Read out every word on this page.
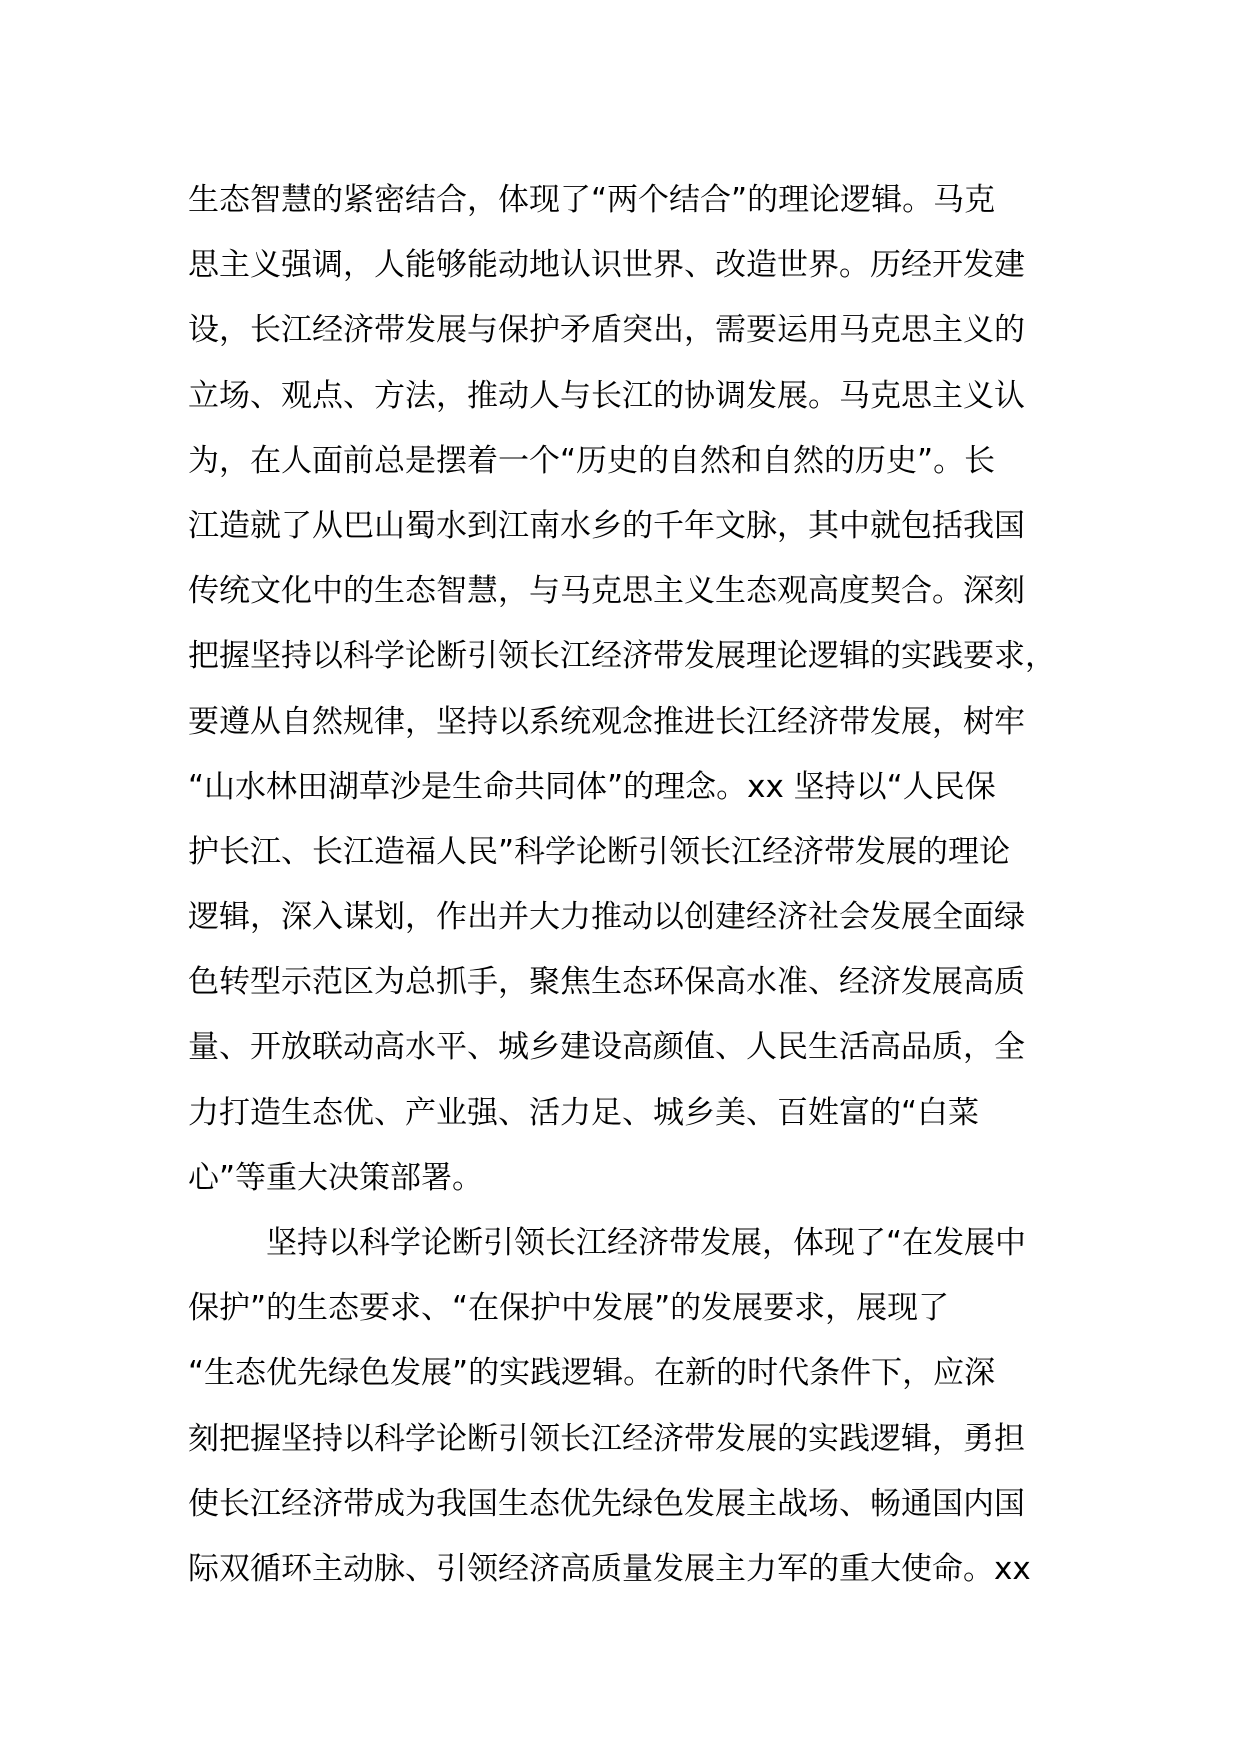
生态智慧的紧密结合，体现了“两个结合”的理论逻辑。马克
思主义强调，人能够能动地认识世界、改造世界。历经开发建
设，长江经济带发展与保护矛盾突出，需要运用马克思主义的
立场、观点、方法，推动人与长江的协调发展。马克思主义认
为，在人面前总是摆着一个“历史的自然和自然的历史”。长
江造就了从巴山蜀水到江南水乡的千年文脉，其中就包括我国
传统文化中的生态智慧，与马克思主义生态观高度契合。深刻
把握坚持以科学论断引领长江经济带发展理论逻辑的实践要求，
要遵从自然规律，坚持以系统观念推进长江经济带发展，树牢
“山水林田湖草沙是生命共同体”的理念。xx 坚持以“人民保
护长江、长江造福人民”科学论断引领长江经济带发展的理论
逻辑，深入谋划，作出并大力推动以创建经济社会发展全面绿
色转型示范区为总抓手，聚焦生态环保高水准、经济发展高质
量、开放联动高水平、城乡建设高颜值、人民生活高品质，全
力打造生态优、产业强、活力足、城乡美、百姓富的“白菜
心”等重大决策部署。
坚持以科学论断引领长江经济带发展，体现了“在发展中
保护”的生态要求、“在保护中发展”的发展要求，展现了
“生态优先绿色发展”的实践逻辑。在新的时代条件下，应深
刻把握坚持以科学论断引领长江经济带发展的实践逻辑，勇担
使长江经济带成为我国生态优先绿色发展主战场、畅通国内国
际双循环主动脉、引领经济高质量发展主力军的重大使命。xx
